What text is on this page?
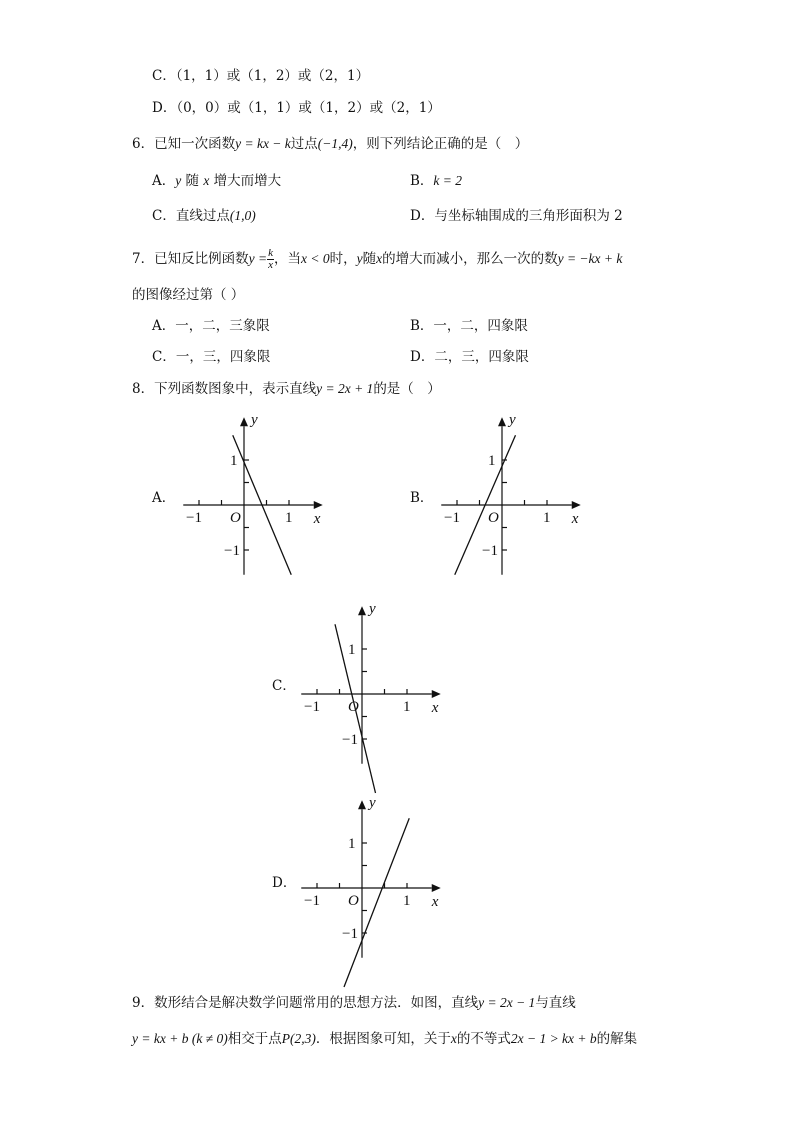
C．（1，1）或（1，2）或（2，1）
D．（0，0）或（1，1）或（1，2）或（2，1）
6．已知一次函数y = kx − k过点(−1,4)，则下列结论正确的是（　）
A．y 随 x 增大而增大	B．k = 2
C．直线过点(1,0)	D．与坐标轴围成的三角形面积为 2
7．已知反比例函数$y = \frac{k}{x}$ ，当x < 0时，y随x的增大而减小，那么一次的数y = −kx + k
的图像经过第（ ）
A．一，二，三象限	B．一，二，四象限
C．一，三，四象限	D．二，三，四象限
8．下列函数图象中，表示直线y = 2x + 1的是（　）
A．	B．
C．
D．
−1	1
1
−1
O	x
y
−1	1
1
−1
O	x
y
−1	1
1
−1
O	x
y
−1	1
1
−1
O	x
y
9．数形结合是解决数学问题常用的思想方法．如图，直线y = 2x − 1与直线
y = kx + b (k ≠ 0)相交于点P(2,3)．根据图象可知，关于x的不等式2x − 1 > kx + b的解集
